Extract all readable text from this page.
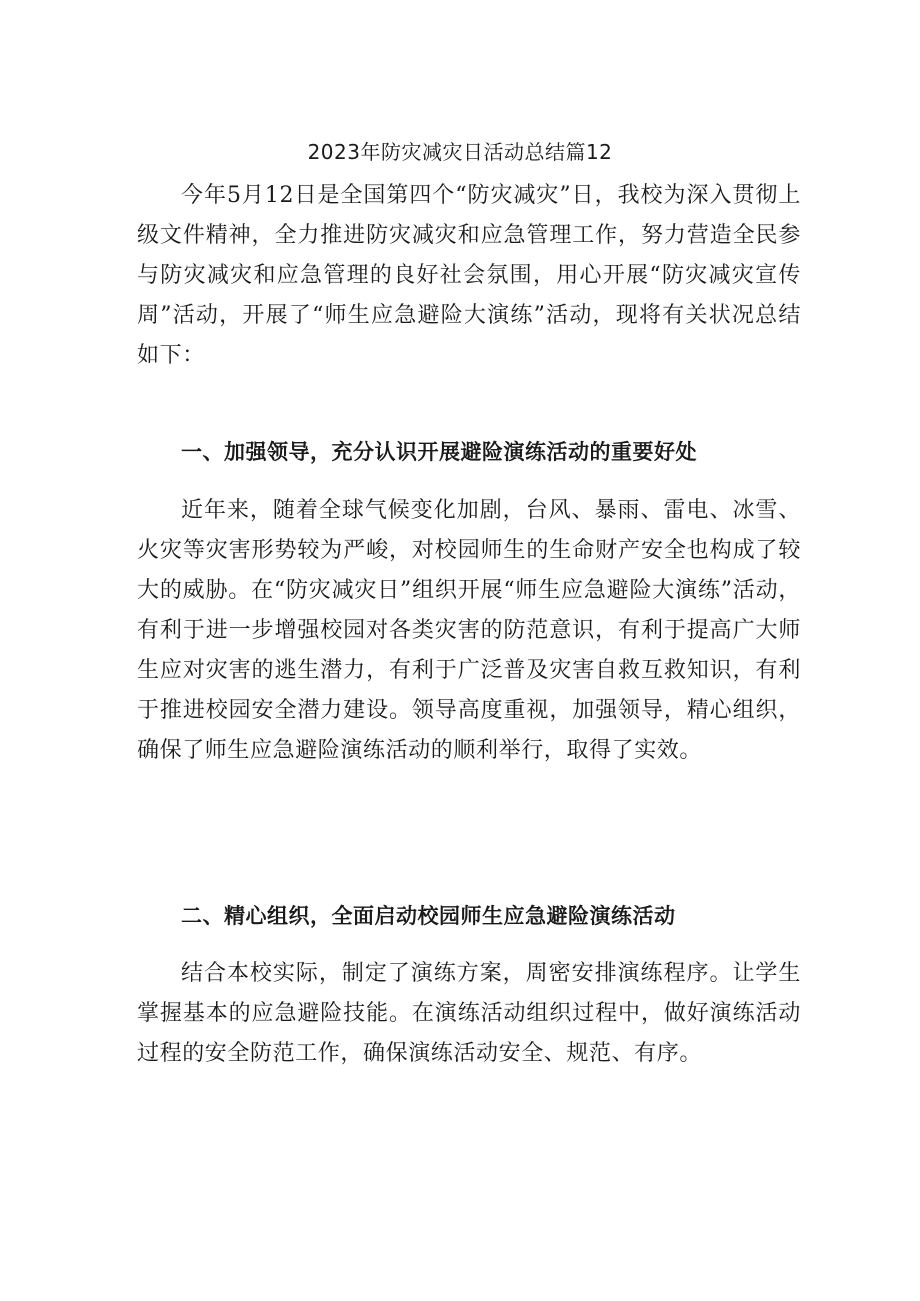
2023年防灾减灾日活动总结篇12

今年5月12日是全国第四个“防灾减灾”日，我校为深入贯彻上级文件精神，全力推进防灾减灾和应急管理工作，努力营造全民参与防灾减灾和应急管理的良好社会氛围，用心开展“防灾减灾宣传周”活动，开展了“师生应急避险大演练”活动，现将有关状况总结如下：

一、加强领导，充分认识开展避险演练活动的重要好处

近年来，随着全球气候变化加剧，台风、暴雨、雷电、冰雪、火灾等灾害形势较为严峻，对校园师生的生命财产安全也构成了较大的威胁。在“防灾减灾日”组织开展“师生应急避险大演练”活动，有利于进一步增强校园对各类灾害的防范意识，有利于提高广大师生应对灾害的逃生潜力，有利于广泛普及灾害自救互救知识，有利于推进校园安全潜力建设。领导高度重视，加强领导，精心组织，确保了师生应急避险演练活动的顺利举行，取得了实效。

二、精心组织，全面启动校园师生应急避险演练活动

结合本校实际，制定了演练方案，周密安排演练程序。让学生掌握基本的应急避险技能。在演练活动组织过程中，做好演练活动过程的安全防范工作，确保演练活动安全、规范、有序。
